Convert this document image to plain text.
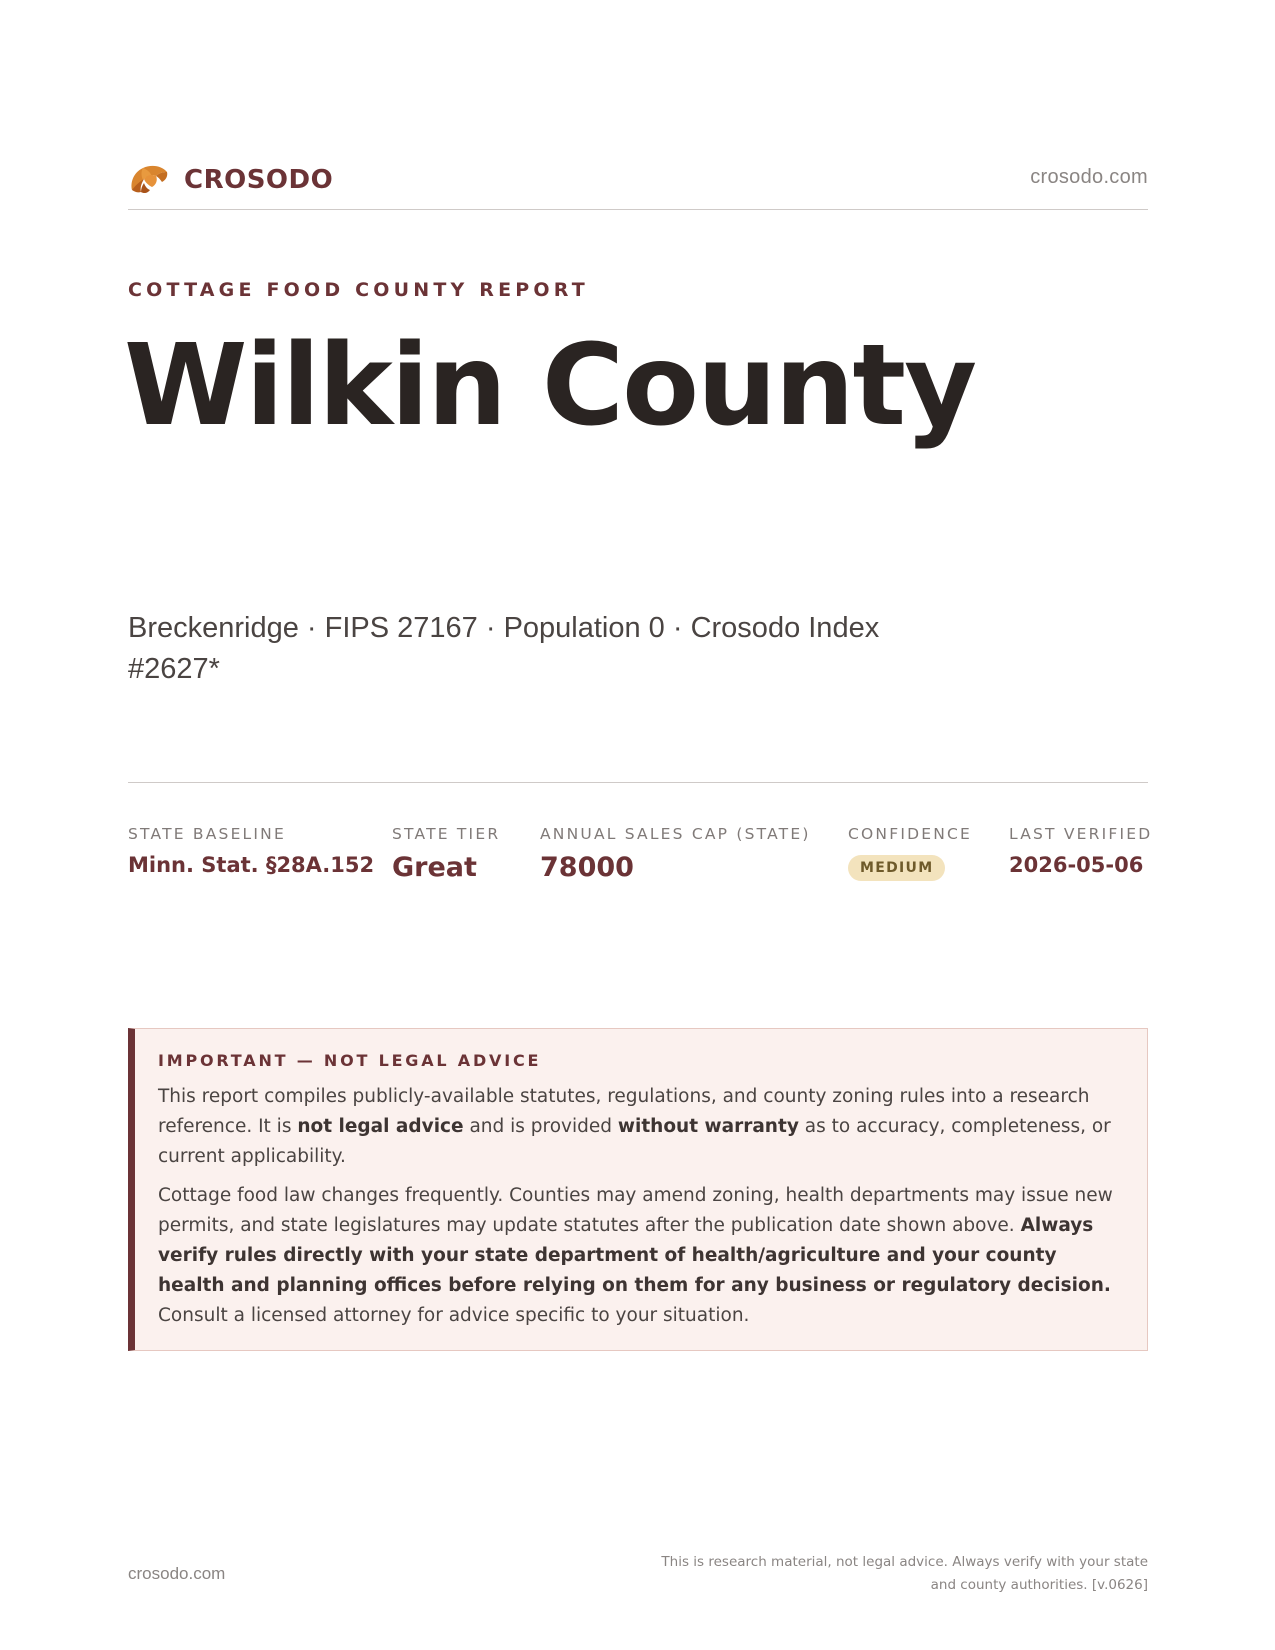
CROSODO	crosodo.com
COTTAGE FOOD COUNTY REPORT
Wilkin County
Breckenridge · FIPS 27167 · Population 0 · Crosodo Index #2627*
STATE BASELINE
Minn. Stat. §28A.152
STATE TIER
Great
ANNUAL SALES CAP (STATE)
78000
CONFIDENCE
MEDIUM
LAST VERIFIED
2026-05-06
IMPORTANT — NOT LEGAL ADVICE

This report compiles publicly-available statutes, regulations, and county zoning rules into a research reference. It is not legal advice and is provided without warranty as to accuracy, completeness, or current applicability.

Cottage food law changes frequently. Counties may amend zoning, health departments may issue new permits, and state legislatures may update statutes after the publication date shown above. Always verify rules directly with your state department of health/agriculture and your county health and planning offices before relying on them for any business or regulatory decision. Consult a licensed attorney for advice specific to your situation.

crosodo.com
This is research material, not legal advice. Always verify with your state
and county authorities. [v.0626]
